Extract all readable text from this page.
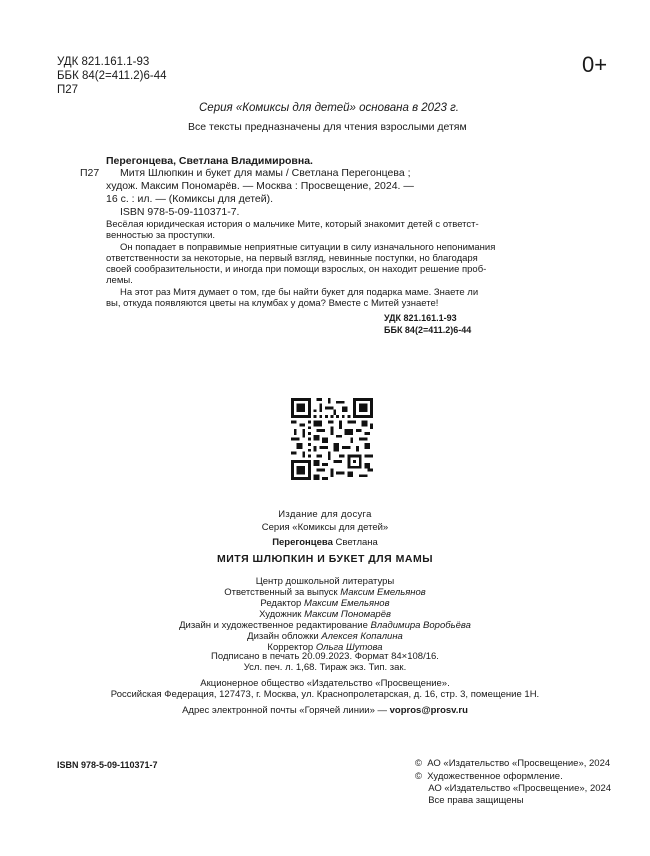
УДК 821.161.1-93
ББК 84(2=411.2)6-44
П27
0+
Серия «Комиксы для детей» основана в 2023 г.
Все тексты предназначены для чтения взрослыми детям
Перегонцева, Светлана Владимировна.
П27 Митя Шлюпкин и букет для мамы / Светлана Перегонцева ;
худож. Максим Пономарёв. — Москва : Просвещение, 2024. —
16 с. : ил. — (Комиксы для детей).
ISBN 978-5-09-110371-7.
Весёлая юридическая история о мальчике Мите, который знакомит детей с ответст-
венностью за проступки.
Он попадает в поправимые неприятные ситуации в силу изначального непонимания
ответственности за некоторые, на первый взгляд, невинные поступки, но благодаря
своей сообразительности, и иногда при помощи взрослых, он находит решение проб-
лемы.
На этот раз Митя думает о том, где бы найти букет для подарка маме. Знаете ли
вы, откуда появляются цветы на клумбах у дома? Вместе с Митей узнаете!
УДК 821.161.1-93
ББК 84(2=411.2)6-44
Издание для досуга
Серия «Комиксы для детей»
Перегонцева Светлана
МИТЯ ШЛЮПКИН И БУКЕТ ДЛЯ МАМЫ
Центр дошкольной литературы
Ответственный за выпуск Максим Емельянов
Редактор Максим Емельянов
Художник Максим Пономарёв
Дизайн и художественное редактирование Владимира Воробьёва
Дизайн обложки Алексея Копалина
Корректор Ольга Шутова
Подписано в печать 20.09.2023. Формат 84×108/16.
Усл. печ. л. 1,68. Тираж экз. Тип. зак.
Акционерное общество «Издательство «Просвещение».
Российская Федерация, 127473, г. Москва, ул. Краснопролетарская, д. 16, стр. 3, помещение 1Н.
Адрес электронной почты «Горячей линии» — vopros@prosv.ru
ISBN 978-5-09-110371-7	©  АО «Издательство «Просвещение», 2024
©  Художественное оформление.
АО «Издательство «Просвещение», 2024
Все права защищены
